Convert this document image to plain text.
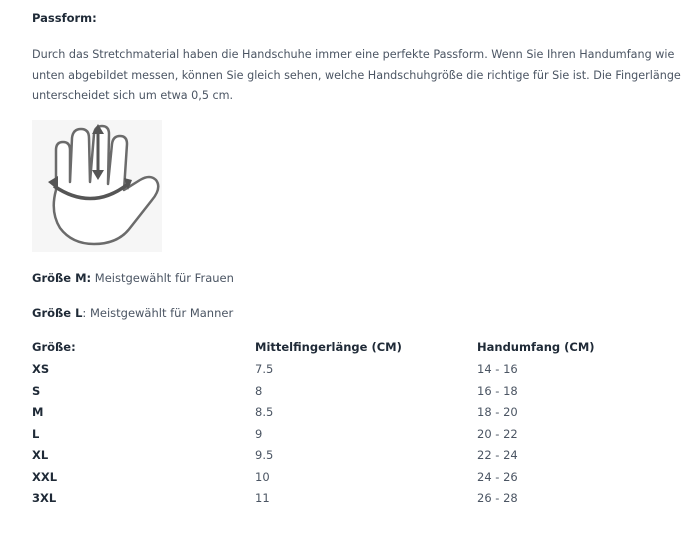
Passform:
Durch das Stretchmaterial haben die Handschuhe immer eine perfekte Passform. Wenn Sie Ihren Handumfang wie unten abgebildet messen, können Sie gleich sehen, welche Handschuhgröße die richtige für Sie ist. Die Fingerlänge unterscheidet sich um etwa 0,5 cm.
Größe M: Meistgewählt für Frauen
Größe L: Meistgewählt für Manner
Größe:	Mittelfingerlänge (CM)	Handumfang (CM)
XS	7.5	14 - 16
S	8	16 - 18
M	8.5	18 - 20
L	9	20 - 22
XL	9.5	22 - 24
XXL	10	24 - 26
3XL	11	26 - 28
